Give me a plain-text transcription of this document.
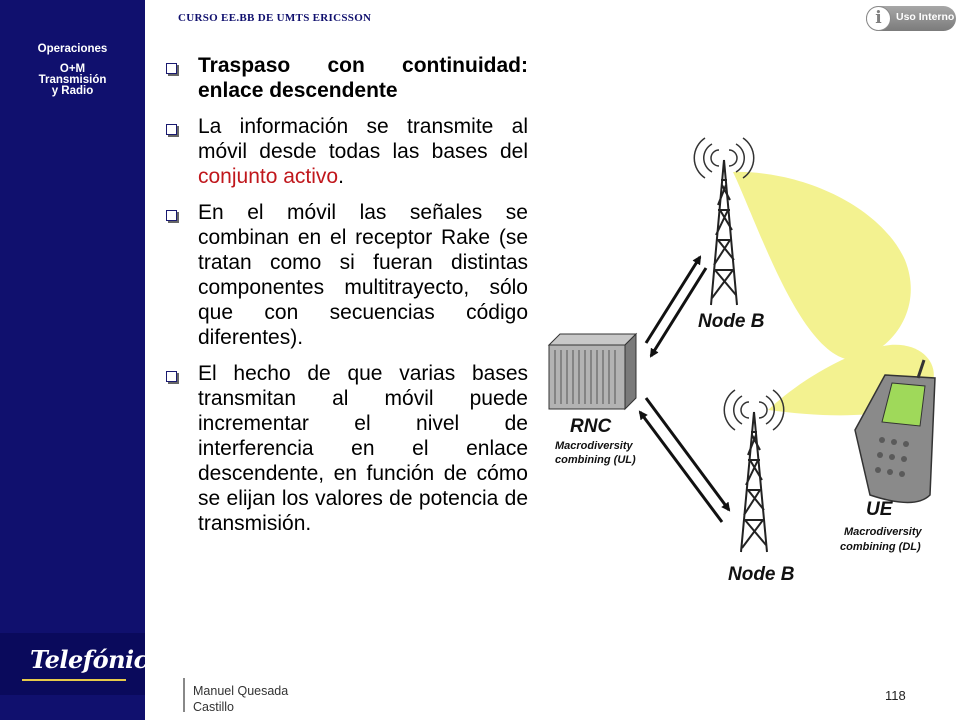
Operaciones
O+M
Transmisión
y Radio
Telefónica
CURSO EE.BB DE UMTS ERICSSON	i	Uso Interno
Traspaso con continuidad: enlace descendente
La información se transmite al móvil desde todas las bases del conjunto activo.
En el móvil las señales se combinan en el receptor Rake (se tratan como si fueran distintas componentes multitrayecto, sólo que con secuencias código diferentes).
El hecho de que varias bases transmitan al móvil puede incrementar el nivel de interferencia en el enlace descendente, en función de cómo se elijan los valores de potencia de transmisión.
Node B
Node B
RNC
Macrodiversity
combining (UL)
UE
Macrodiversity
combining (DL)
Manuel Quesada
Castillo
118
